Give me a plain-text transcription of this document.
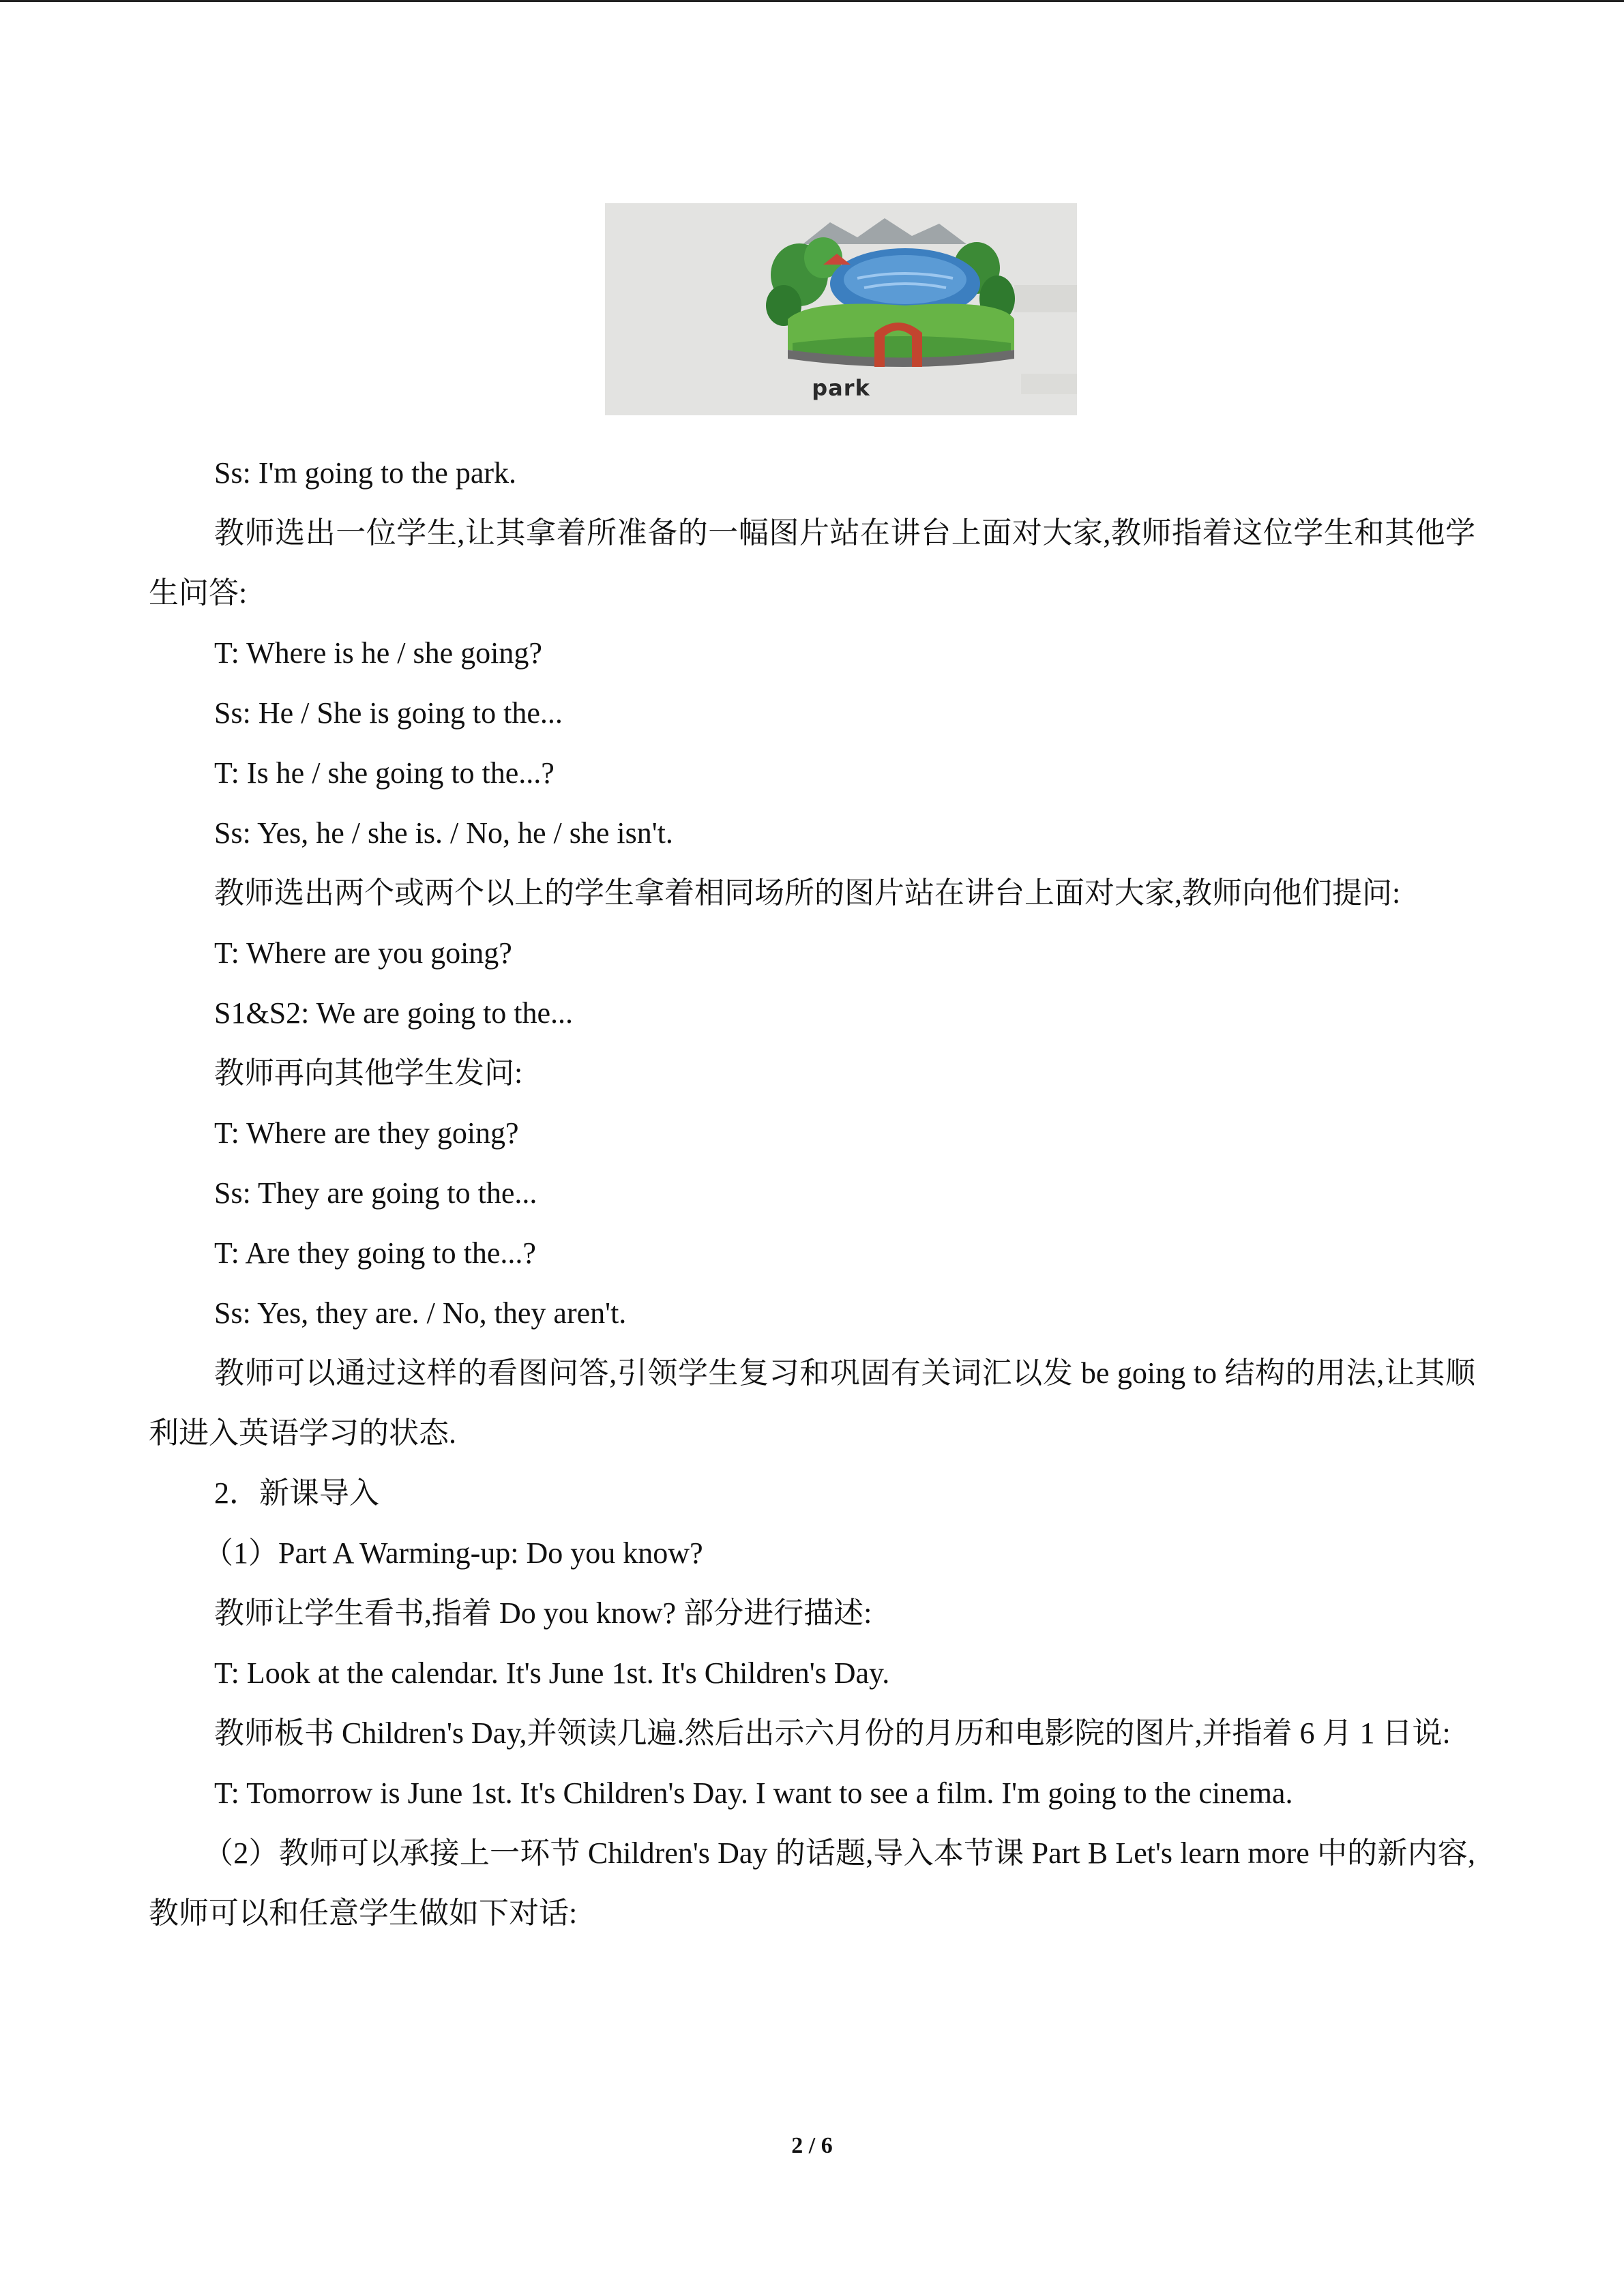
park

Ss: I'm going to the park.

教师选出一位学生,让其拿着所准备的一幅图片站在讲台上面对大家,教师指着这位学生和其他学生问答:

T: Where is he / she going?

Ss: He / She is going to the...

T: Is he / she going to the...?

Ss: Yes, he / she is. / No, he / she isn't.

教师选出两个或两个以上的学生拿着相同场所的图片站在讲台上面对大家,教师向他们提问:

T: Where are you going?

S1&S2: We are going to the...

教师再向其他学生发问:

T: Where are they going?

Ss: They are going to the...

T: Are they going to the...?

Ss: Yes, they are. / No, they aren't.

教师可以通过这样的看图问答,引领学生复习和巩固有关词汇以发 be going to 结构的用法,让其顺利进入英语学习的状态.

2．新课导入

（1）Part A Warming-up: Do you know?

教师让学生看书,指着 Do you know? 部分进行描述:

T: Look at the calendar. It's June 1st. It's Children's Day.

教师板书 Children's Day,并领读几遍.然后出示六月份的月历和电影院的图片,并指着 6 月 1 日说:

T: Tomorrow is June 1st. It's Children's Day. I want to see a film. I'm going to the cinema.

（2）教师可以承接上一环节 Children's Day 的话题,导入本节课 Part B Let's learn more 中的新内容,教师可以和任意学生做如下对话:

2 / 6
